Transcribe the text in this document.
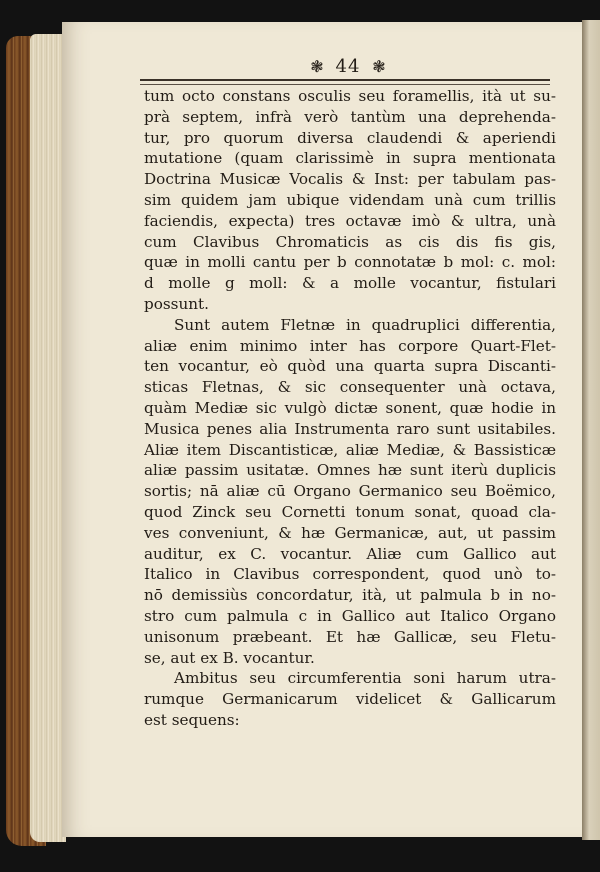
❃ 44 ❃
tum octo constans osculis seu foramellis, ità ut su-
prà septem, infrà verò tantùm una deprehenda-
tur, pro quorum diversa claudendi & aperiendi
mutatione (quam clarissimè in supra mentionata
Doctrina Musicæ Vocalis & Inst: per tabulam pas-
sim quidem jam ubique videndam unà cum trillis
faciendis, expecta) tres octavæ imò & ultra, unà
cum Clavibus Chromaticis as cis dis fis gis,
quæ in molli cantu per b connotatæ b mol: c. mol:
d molle g moll: & a molle vocantur, fistulari
possunt.
Sunt autem Fletnæ in quadruplici differentia,
aliæ enim minimo inter has corpore Quart-Flet-
ten vocantur, eò quòd una quarta supra Discanti-
sticas Fletnas, & sic consequenter unà octava,
quàm Mediæ sic vulgò dictæ sonent, quæ hodie in
Musica penes alia Instrumenta raro sunt usitabiles.
Aliæ item Discantisticæ, aliæ Mediæ, & Bassisticæ
aliæ passim usitatæ. Omnes hæ sunt iterù duplicis
sortis; nā aliæ cū Organo Germanico seu Boëmico,
quod Zinck seu Cornetti tonum sonat, quoad cla-
ves conveniunt, & hæ Germanicæ, aut, ut passim
auditur, ex C. vocantur. Aliæ cum Gallico aut
Italico in Clavibus correspondent, quod unò to-
nō demissiùs concordatur, ità, ut palmula b in no-
stro cum palmula c in Gallico aut Italico Organo
unisonum præbeant. Et hæ Gallicæ, seu Fletu-
se, aut ex B. vocantur.
Ambitus seu circumferentia soni harum utra-
rumque Germanicarum videlicet & Gallicarum
est sequens:
